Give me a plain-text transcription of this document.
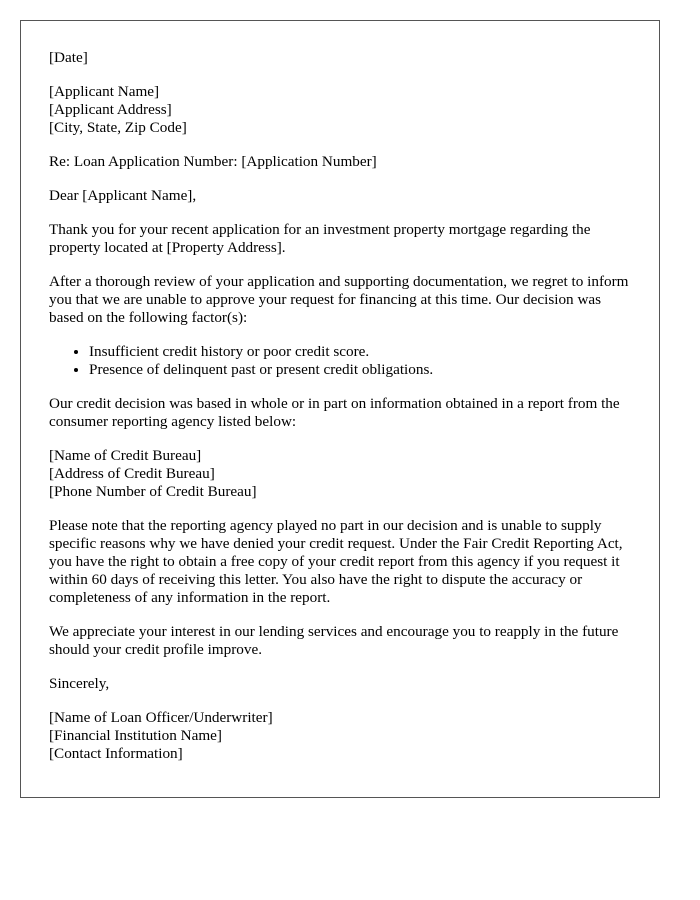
[Date]

[Applicant Name]
[Applicant Address]
[City, State, Zip Code]

Re: Loan Application Number: [Application Number]

Dear [Applicant Name],

Thank you for your recent application for an investment property mortgage regarding the property located at [Property Address].

After a thorough review of your application and supporting documentation, we regret to inform you that we are unable to approve your request for financing at this time. Our decision was based on the following factor(s):

• Insufficient credit history or poor credit score.
• Presence of delinquent past or present credit obligations.

Our credit decision was based in whole or in part on information obtained in a report from the consumer reporting agency listed below:

[Name of Credit Bureau]
[Address of Credit Bureau]
[Phone Number of Credit Bureau]

Please note that the reporting agency played no part in our decision and is unable to supply specific reasons why we have denied your credit request. Under the Fair Credit Reporting Act, you have the right to obtain a free copy of your credit report from this agency if you request it within 60 days of receiving this letter. You also have the right to dispute the accuracy or completeness of any information in the report.

We appreciate your interest in our lending services and encourage you to reapply in the future should your credit profile improve.

Sincerely,

[Name of Loan Officer/Underwriter]
[Financial Institution Name]
[Contact Information]
